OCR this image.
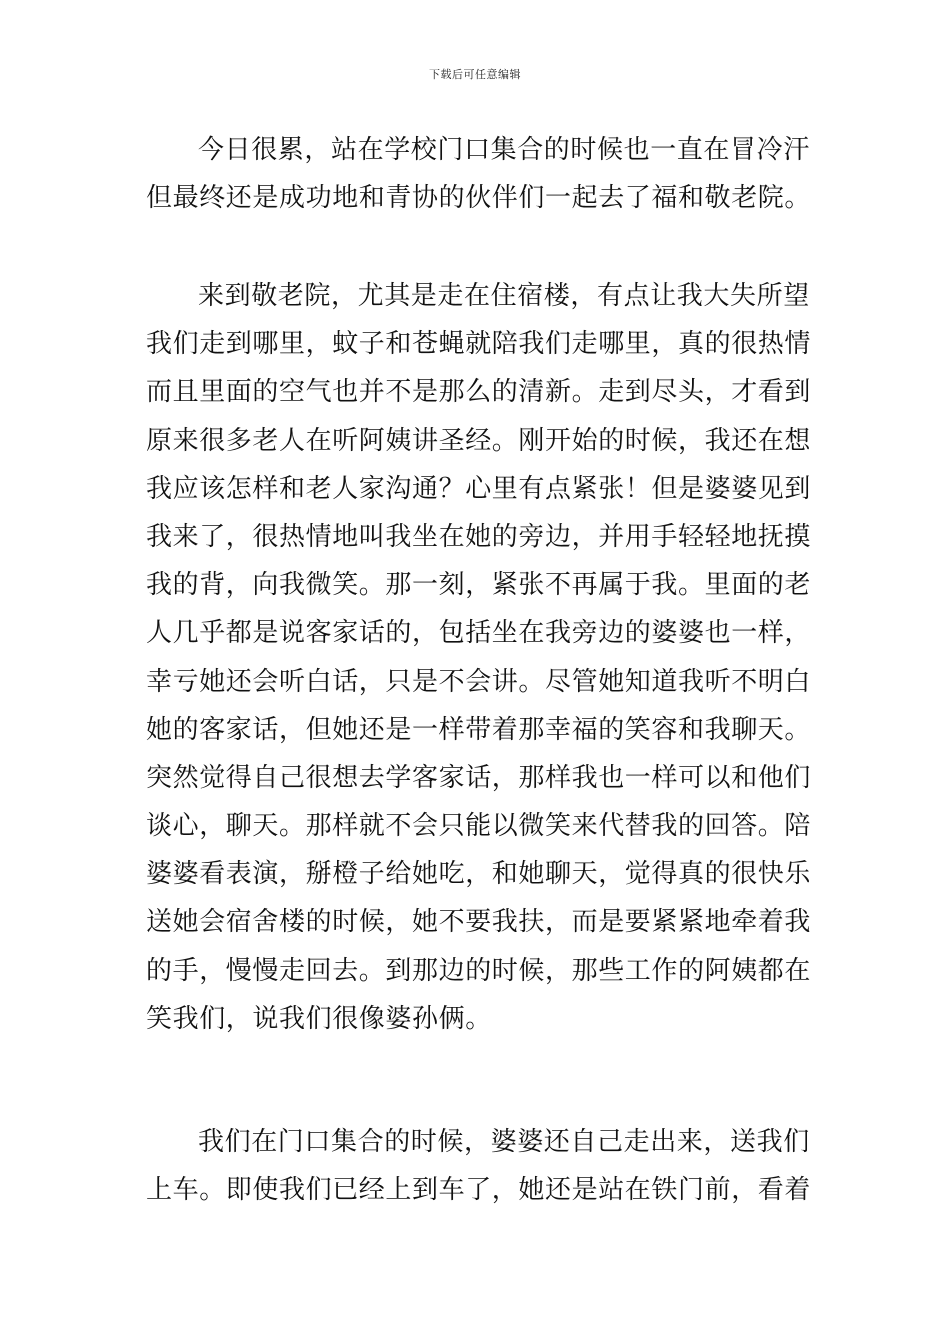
下载后可任意编辑
今日很累，站在学校门口集合的时候也一直在冒冷汗
但最终还是成功地和青协的伙伴们一起去了福和敬老院。
来到敬老院，尤其是走在住宿楼，有点让我大失所望
我们走到哪里，蚊子和苍蝇就陪我们走哪里，真的很热情
而且里面的空气也并不是那么的清新。走到尽头，才看到
原来很多老人在听阿姨讲圣经。刚开始的时候，我还在想
我应该怎样和老人家沟通？心里有点紧张！但是婆婆见到
我来了，很热情地叫我坐在她的旁边，并用手轻轻地抚摸
我的背，向我微笑。那一刻，紧张不再属于我。里面的老
人几乎都是说客家话的，包括坐在我旁边的婆婆也一样，
幸亏她还会听白话，只是不会讲。尽管她知道我听不明白
她的客家话，但她还是一样带着那幸福的笑容和我聊天。
突然觉得自己很想去学客家话，那样我也一样可以和他们
谈心，聊天。那样就不会只能以微笑来代替我的回答。陪
婆婆看表演，掰橙子给她吃，和她聊天，觉得真的很快乐
送她会宿舍楼的时候，她不要我扶，而是要紧紧地牵着我
的手，慢慢走回去。到那边的时候，那些工作的阿姨都在
笑我们，说我们很像婆孙俩。
我们在门口集合的时候，婆婆还自己走出来，送我们
上车。即使我们已经上到车了，她还是站在铁门前，看着
